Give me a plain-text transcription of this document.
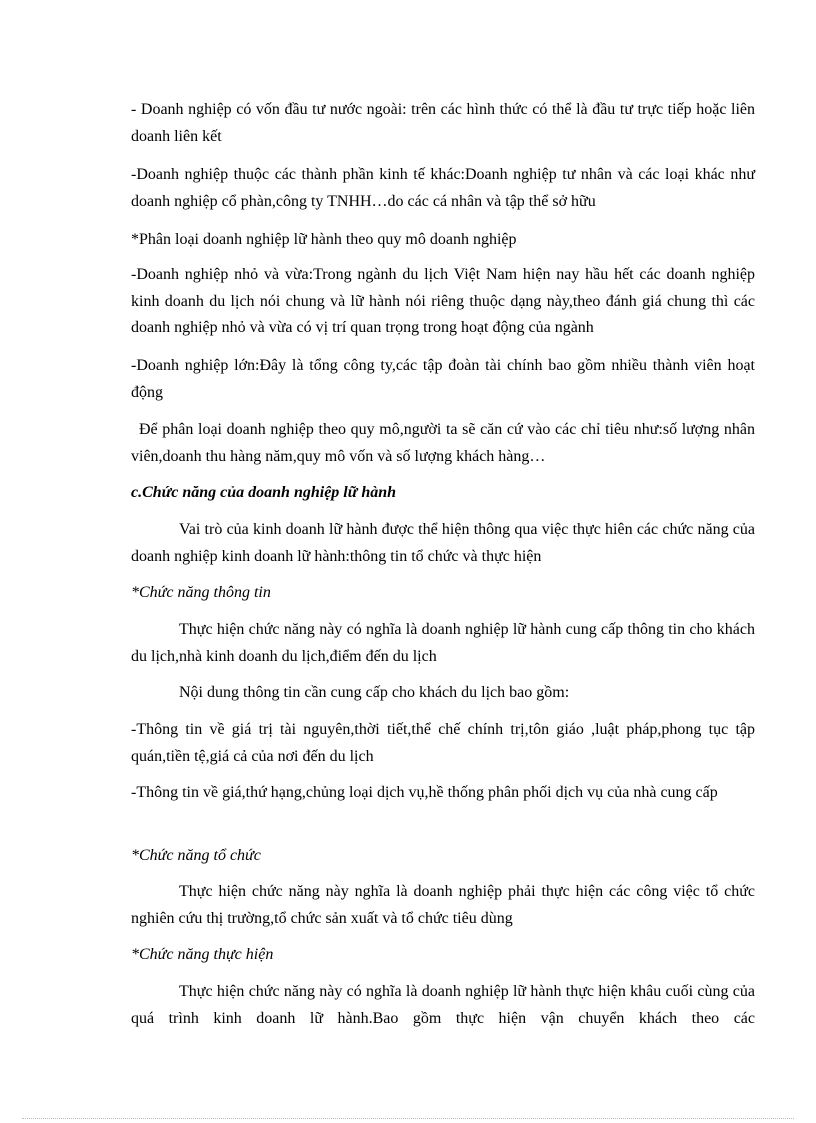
- Doanh nghiệp có vốn đầu tư nước ngoài: trên các hình thức có thể là đầu tư trực tiếp hoặc liên doanh liên kết

-Doanh nghiệp thuộc các thành phần kinh tế khác:Doanh nghiệp tư nhân và các loại khác như doanh nghiệp cổ phàn,công ty TNHH…do các cá nhân và tập thể sở hữu

*Phân loại doanh nghiệp lữ hành theo quy mô doanh nghiệp

-Doanh nghiệp nhỏ và vừa:Trong ngành du lịch Việt Nam hiện nay hầu hết các doanh nghiệp kinh doanh du lịch nói chung và lữ hành nói riêng thuộc dạng này,theo đánh giá chung thì các doanh nghiệp nhỏ và vừa có vị trí quan trọng trong hoạt động của ngành

-Doanh nghiệp lớn:Đây là tổng công ty,các tập đoàn tài chính bao gồm nhiều thành viên hoạt động

Để phân loại doanh nghiệp theo quy mô,người ta sẽ căn cứ vào các chỉ tiêu như:số lượng nhân viên,doanh thu hàng năm,quy mô vốn và số lượng khách hàng…

c.Chức năng của doanh nghiệp lữ hành

Vai trò của kinh doanh lữ hành được thể hiện thông qua việc thực hiên các chức năng của doanh nghiệp kinh doanh lữ hành:thông tin tổ chức và thực hiện

*Chức năng thông tin

Thực hiện chức năng này có nghĩa là doanh nghiệp lữ hành cung cấp thông tin cho khách du lịch,nhà kinh doanh du lịch,điểm đến du lịch

Nội dung thông tin cần cung cấp cho khách du lịch bao gồm:

-Thông tin về giá trị tài nguyên,thời tiết,thể chế chính trị,tôn giáo ,luật pháp,phong tục tập quán,tiền tệ,giá cả của nơi đến du lịch

-Thông tin về giá,thứ hạng,chủng loại dịch vụ,hề thống phân phối dịch vụ của nhà cung cấp

*Chức năng tổ chức

Thực hiện chức năng này nghĩa là doanh nghiệp phải thực hiện các công việc tổ chức nghiên cứu thị trường,tổ chức sản xuất và tổ chức tiêu dùng

*Chức năng thực hiện

Thực hiện chức năng này có nghĩa là doanh nghiệp lữ hành thực hiện khâu cuối cùng của quá trình kinh doanh lữ hành.Bao gồm thực hiện vận chuyển khách theo các
